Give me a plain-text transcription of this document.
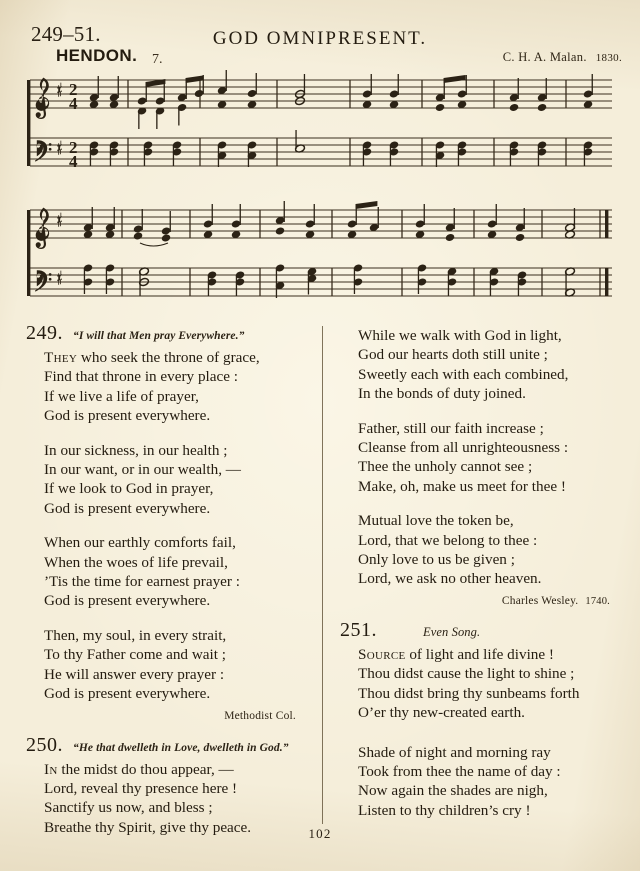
249–51.	GOD OMNIPRESENT.
HENDON. 7.	C. H. A. Malan. 1830.
2
4
2
4
249. “I will that Men pray Everywhere.”
They who seek the throne of grace,
Find that throne in every place :
If we live a life of prayer,
God is present everywhere.
In our sickness, in our health ;
In our want, or in our wealth, —
If we look to God in prayer,
God is present everywhere.
When our earthly comforts fail,
When the woes of life prevail,
’Tis the time for earnest prayer :
God is present everywhere.
Then, my soul, in every strait,
To thy Father come and wait ;
He will answer every prayer :
God is present everywhere.
Methodist Col.
250. “He that dwelleth in Love, dwelleth in God.”
In the midst do thou appear, —
Lord, reveal thy presence here !
Sanctify us now, and bless ;
Breathe thy Spirit, give thy peace.
While we walk with God in light,
God our hearts doth still unite ;
Sweetly each with each combined,
In the bonds of duty joined.
Father, still our faith increase ;
Cleanse from all unrighteousness :
Thee the unholy cannot see ;
Make, oh, make us meet for thee !
Mutual love the token be,
Lord, that we belong to thee :
Only love to us be given ;
Lord, we ask no other heaven.
Charles Wesley. 1740.
251.	Even Song.
Source of light and life divine !
Thou didst cause the light to shine ;
Thou didst bring thy sunbeams forth
O’er thy new-created earth.
Shade of night and morning ray
Took from thee the name of day :
Now again the shades are nigh,
Listen to thy children’s cry !
102
